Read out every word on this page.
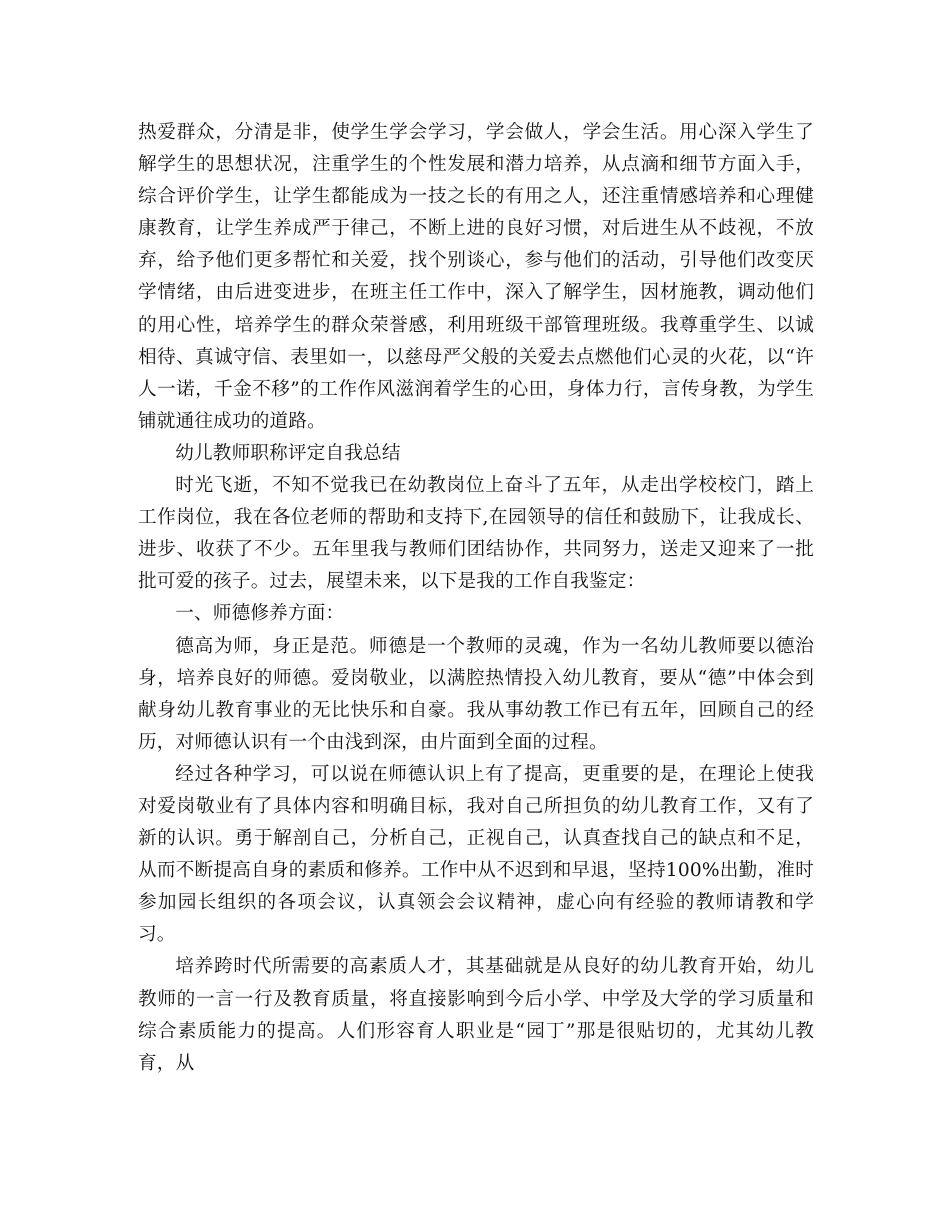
热爱群众，分清是非，使学生学会学习，学会做人，学会生活。用心深入学生了解学生的思想状况，注重学生的个性发展和潜力培养，从点滴和细节方面入手，综合评价学生，让学生都能成为一技之长的有用之人，还注重情感培养和心理健康教育，让学生养成严于律己，不断上进的良好习惯，对后进生从不歧视，不放弃，给予他们更多帮忙和关爱，找个别谈心，参与他们的活动，引导他们改变厌学情绪，由后进变进步，在班主任工作中，深入了解学生，因材施教，调动他们的用心性，培养学生的群众荣誉感，利用班级干部管理班级。我尊重学生、以诚相待、真诚守信、表里如一，以慈母严父般的关爱去点燃他们心灵的火花，以“许人一诺，千金不移”的工作作风滋润着学生的心田，身体力行，言传身教，为学生铺就通往成功的道路。

幼儿教师职称评定自我总结

时光飞逝，不知不觉我已在幼教岗位上奋斗了五年，从走出学校校门，踏上工作岗位，我在各位老师的帮助和支持下,在园领导的信任和鼓励下，让我成长、进步、收获了不少。五年里我与教师们团结协作，共同努力，送走又迎来了一批批可爱的孩子。过去，展望未来，以下是我的工作自我鉴定：

一、师德修养方面：

德高为师，身正是范。师德是一个教师的灵魂，作为一名幼儿教师要以德治身，培养良好的师德。爱岗敬业，以满腔热情投入幼儿教育，要从“德”中体会到献身幼儿教育事业的无比快乐和自豪。我从事幼教工作已有五年，回顾自己的经历，对师德认识有一个由浅到深，由片面到全面的过程。

经过各种学习，可以说在师德认识上有了提高，更重要的是，在理论上使我对爱岗敬业有了具体内容和明确目标，我对自己所担负的幼儿教育工作，又有了新的认识。勇于解剖自己，分析自己，正视自己，认真查找自己的缺点和不足，从而不断提高自身的素质和修养。工作中从不迟到和早退，坚持100%出勤，准时参加园长组织的各项会议，认真领会会议精神，虚心向有经验的教师请教和学习。

培养跨时代所需要的高素质人才，其基础就是从良好的幼儿教育开始，幼儿教师的一言一行及教育质量，将直接影响到今后小学、中学及大学的学习质量和综合素质能力的提高。人们形容育人职业是“园丁”那是很贴切的，尤其幼儿教育，从
